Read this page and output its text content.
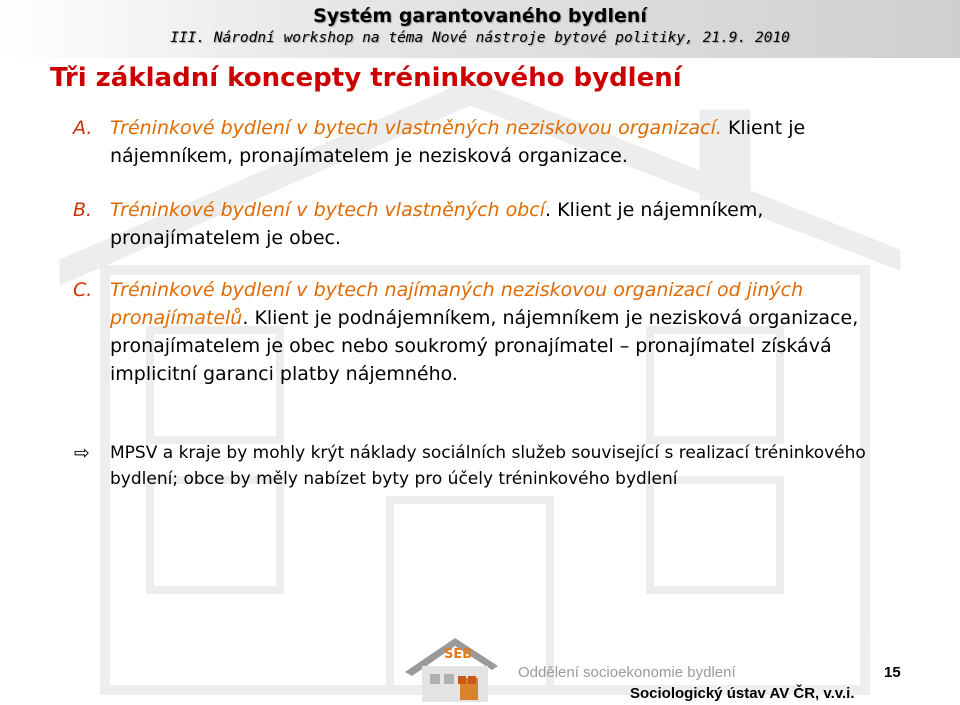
Systém garantovaného bydlení
III. Národní workshop na téma Nové nástroje bytové politiky, 21.9. 2010
Tři základní koncepty tréninkového bydlení
A. Tréninkové bydlení v bytech vlastněných neziskovou organizací. Klient je nájemníkem, pronajímatelem je nezisková organizace.
B. Tréninkové bydlení v bytech vlastněných obcí. Klient je nájemníkem, pronajímatelem je obec.
C. Tréninkové bydlení v bytech najímaných neziskovou organizací od jiných pronajímatelů. Klient je podnájemníkem, nájemníkem je nezisková organizace, pronajímatelem je obec nebo soukromý pronajímatel – pronajímatel získává implicitní garanci platby nájemného.
⇨ MPSV a kraje by mohly krýt náklady sociálních služeb související s realizací tréninkového bydlení; obce by měly nabízet byty pro účely tréninkového bydlení
SEB
Oddělení socioekonomie bydlení	15
Sociologický ústav AV ČR, v.v.i.
